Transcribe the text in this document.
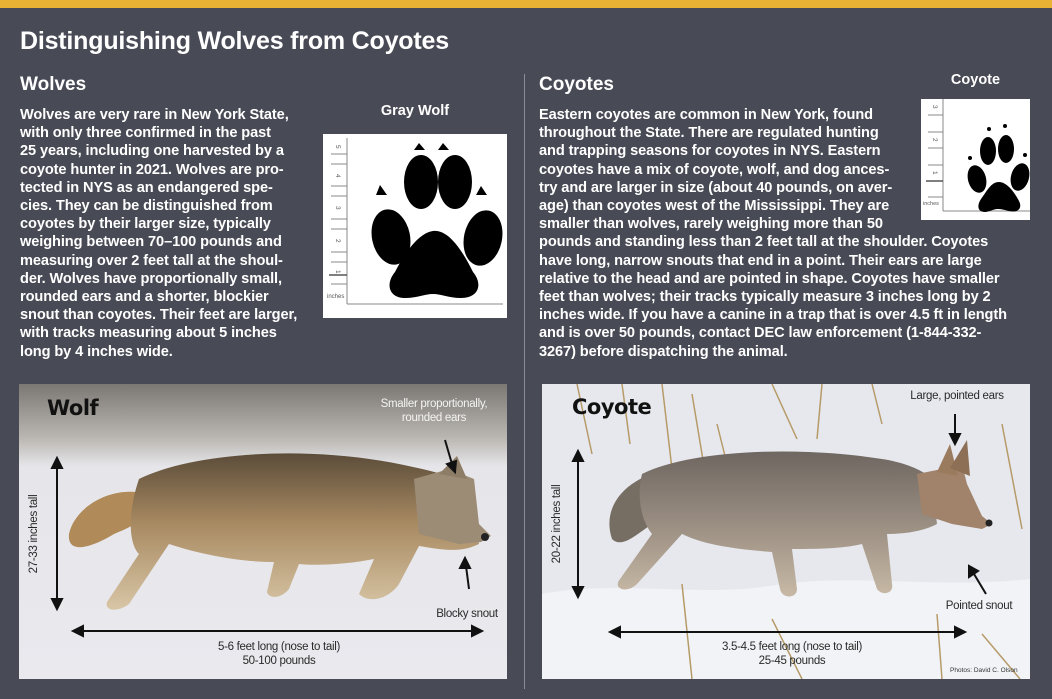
Distinguishing Wolves from Coyotes
Wolves
Wolves are very rare in New York State,
with only three confirmed in the past
25 years, including one harvested by a
coyote hunter in 2021. Wolves are pro-
tected in NYS as an endangered spe-
cies. They can be distinguished from
coyotes by their larger size, typically
weighing between 70–100 pounds and
measuring over 2 feet tall at the shoul-
der. Wolves have proportionally small,
rounded ears and a shorter, blockier
snout than coyotes. Their feet are larger,
with tracks measuring about 5 inches
long by 4 inches wide.
Gray Wolf
5
4
3
2
1
inches
Wolf	Smaller proportionally,
rounded ears
Blocky snout
27-33 inches tall
5-6 feet long (nose to tail)
50-100 pounds
Coyotes
Eastern coyotes are common in New York, found
throughout the State. There are regulated hunting
and trapping seasons for coyotes in NYS. Eastern
coyotes have a mix of coyote, wolf, and dog ances-
try and are larger in size (about 40 pounds, on aver-
age) than coyotes west of the Mississippi. They are
smaller than wolves, rarely weighing more than 50
pounds and standing less than 2 feet tall at the shoulder. Coyotes
have long, narrow snouts that end in a point. Their ears are large
relative to the head and are pointed in shape. Coyotes have smaller
feet than wolves; their tracks typically measure 3 inches long by 2
inches wide. If you have a canine in a trap that is over 4.5 ft in length
and is over 50 pounds, contact DEC law enforcement (1-844-332-
3267) before dispatching the animal.
Coyote
3
2
1
inches
Coyote	Large, pointed ears
Pointed snout
20-22 inches tall
3.5-4.5 feet long (nose to tail)
25-45 pounds
Photos: David C. Olson
